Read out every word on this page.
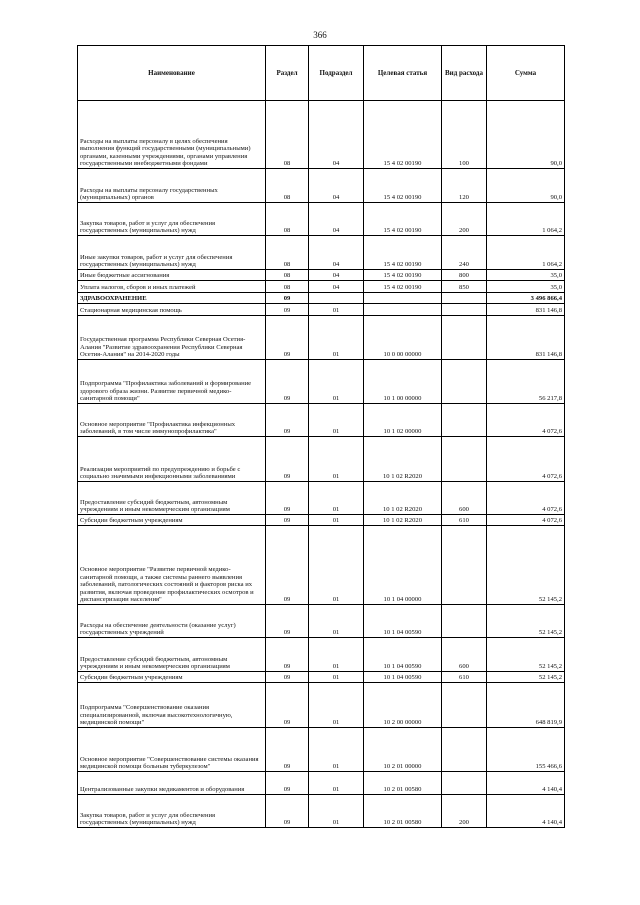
366
Наименование	Раздел	Подраздел	Целевая статья	Вид расхода	Сумма
Расходы на выплаты персоналу в целях обеспечения выполнения функций государственными (муниципальными) органами, казенными учреждениями, органами управления государственными внебюджетными фондами	08	04	15 4 02 00190	100	90,0
Расходы на выплаты персоналу государственных (муниципальных) органов	08	04	15 4 02 00190	120	90,0
Закупка товаров, работ и услуг для обеспечения государственных (муниципальных) нужд	08	04	15 4 02 00190	200	1 064,2
Иные закупки товаров, работ и услуг для обеспечения государственных (муниципальных) нужд	08	04	15 4 02 00190	240	1 064,2
Иные бюджетные ассигнования	08	04	15 4 02 00190	800	35,0
Уплата налогов, сборов и иных платежей	08	04	15 4 02 00190	850	35,0
ЗДРАВООХРАНЕНИЕ	09				3 496 866,4
Стационарная медицинская помощь	09	01			831 146,8
Государственная программа Республики Северная Осетия-Алания "Развитие здравоохранения Республики Северная Осетия-Алания" на 2014-2020 годы	09	01	10 0 00 00000		831 146,8
Подпрограмма "Профилактика заболеваний и формирование здорового образа жизни. Развитие первичной медико-санитарной помощи"	09	01	10 1 00 00000		56 217,8
Основное мероприятие "Профилактика инфекционных заболеваний, в том числе иммунопрофилактика"	09	01	10 1 02 00000		4 072,6
Реализация мероприятий по предупреждению и борьбе с социально значимыми инфекционными заболеваниями	09	01	10 1 02 R2020		4 072,6
Предоставление субсидий бюджетным, автономным учреждениям и иным некоммерческим организациям	09	01	10 1 02 R2020	600	4 072,6
Субсидии бюджетным учреждениям	09	01	10 1 02 R2020	610	4 072,6
Основное мероприятие "Развитие первичной медико-санитарной помощи, а также системы раннего выявления заболеваний, патологических состояний и факторов риска их развития, включая проведение профилактических осмотров и диспансеризации населения"	09	01	10 1 04 00000		52 145,2
Расходы на обеспечение деятельности (оказание услуг) государственных учреждений	09	01	10 1 04 00590		52 145,2
Предоставление субсидий бюджетным, автономным учреждениям и иным некоммерческим организациям	09	01	10 1 04 00590	600	52 145,2
Субсидии бюджетным учреждениям	09	01	10 1 04 00590	610	52 145,2
Подпрограмма "Совершенствование оказания специализированной, включая высокотехнологичную, медицинской помощи"	09	01	10 2 00 00000		648 819,9
Основное мероприятие "Совершенствование системы оказания медицинской помощи больным туберкулезом"	09	01	10 2 01 00000		155 466,6
Централизованные закупки медикаментов и оборудования	09	01	10 2 01 00580		4 140,4
Закупка товаров, работ и услуг для обеспечения государственных (муниципальных) нужд	09	01	10 2 01 00580	200	4 140,4
